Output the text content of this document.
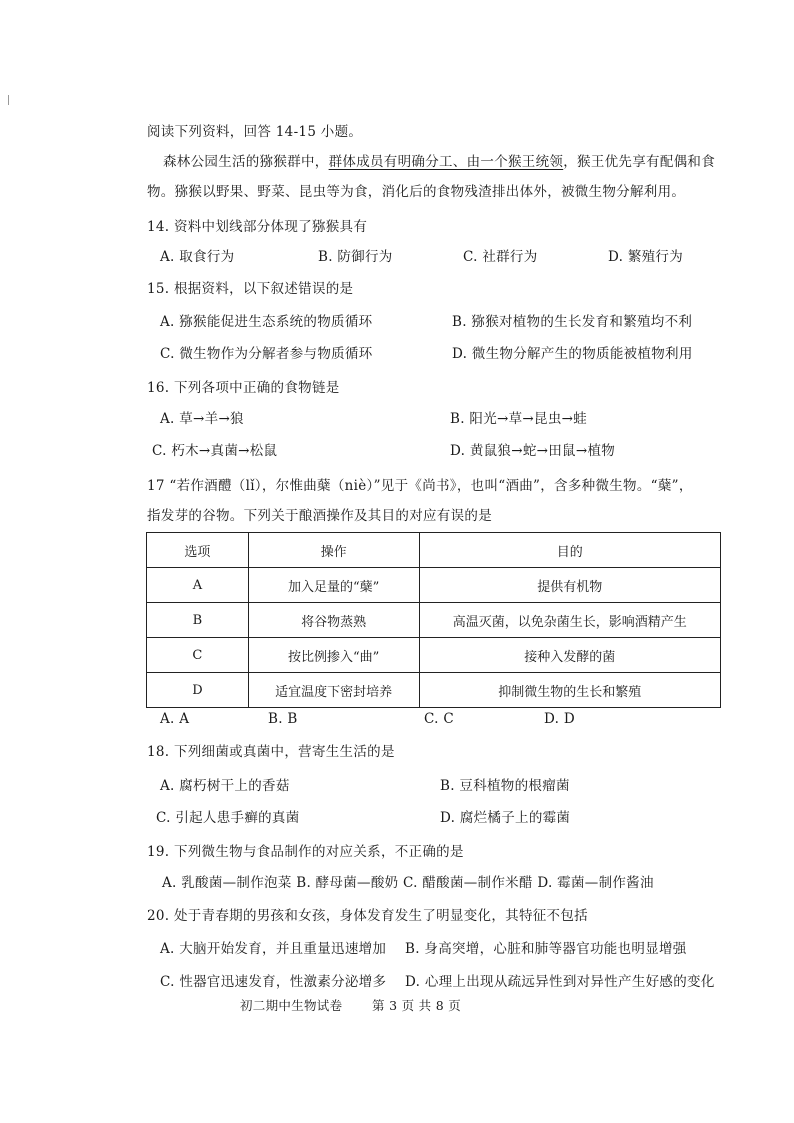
阅读下列资料，回答 14-15 小题。
森林公园生活的猕猴群中，群体成员有明确分工、由一个猴王统领，猴王优先享有配偶和食
物。猕猴以野果、野菜、昆虫等为食，消化后的食物残渣排出体外，被微生物分解利用。
14. 资料中划线部分体现了猕猴具有
A. 取食行为	B. 防御行为	C. 社群行为	D. 繁殖行为
15. 根据资料，以下叙述错误的是
A. 猕猴能促进生态系统的物质循环	B. 猕猴对植物的生长发育和繁殖均不利
C. 微生物作为分解者参与物质循环	D. 微生物分解产生的物质能被植物利用
16. 下列各项中正确的食物链是
A. 草→羊→狼	B. 阳光→草→昆虫→蛙
C. 朽木→真菌→松鼠	D. 黄鼠狼→蛇→田鼠→植物
17 “若作酒醴（lǐ），尔惟曲蘖（niè）”见于《尚书》，也叫“酒曲”，含多种微生物。“蘖”，
指发芽的谷物。下列关于酿酒操作及其目的对应有误的是
选项	操作	目的
A	加入足量的“蘖”	提供有机物
B	将谷物蒸熟	高温灭菌，以免杂菌生长，影响酒精产生
C	按比例掺入“曲”	接种入发酵的菌
D	适宜温度下密封培养	抑制微生物的生长和繁殖
A. A	B. B	C. C	D. D
18. 下列细菌或真菌中，营寄生生活的是
A. 腐朽树干上的香菇	B. 豆科植物的根瘤菌
C. 引起人患手癣的真菌	D. 腐烂橘子上的霉菌
19. 下列微生物与食品制作的对应关系，不正确的是
A. 乳酸菌—制作泡菜 B. 酵母菌—酸奶 C. 醋酸菌—制作米醋 D. 霉菌—制作酱油
20. 处于青春期的男孩和女孩，身体发育发生了明显变化，其特征不包括
A. 大脑开始发育，并且重量迅速增加 B. 身高突增，心脏和肺等器官功能也明显增强
C. 性器官迅速发育，性激素分泌增多 D. 心理上出现从疏远异性到对异性产生好感的变化
初二期中生物试卷 第 3 页 共 8 页
